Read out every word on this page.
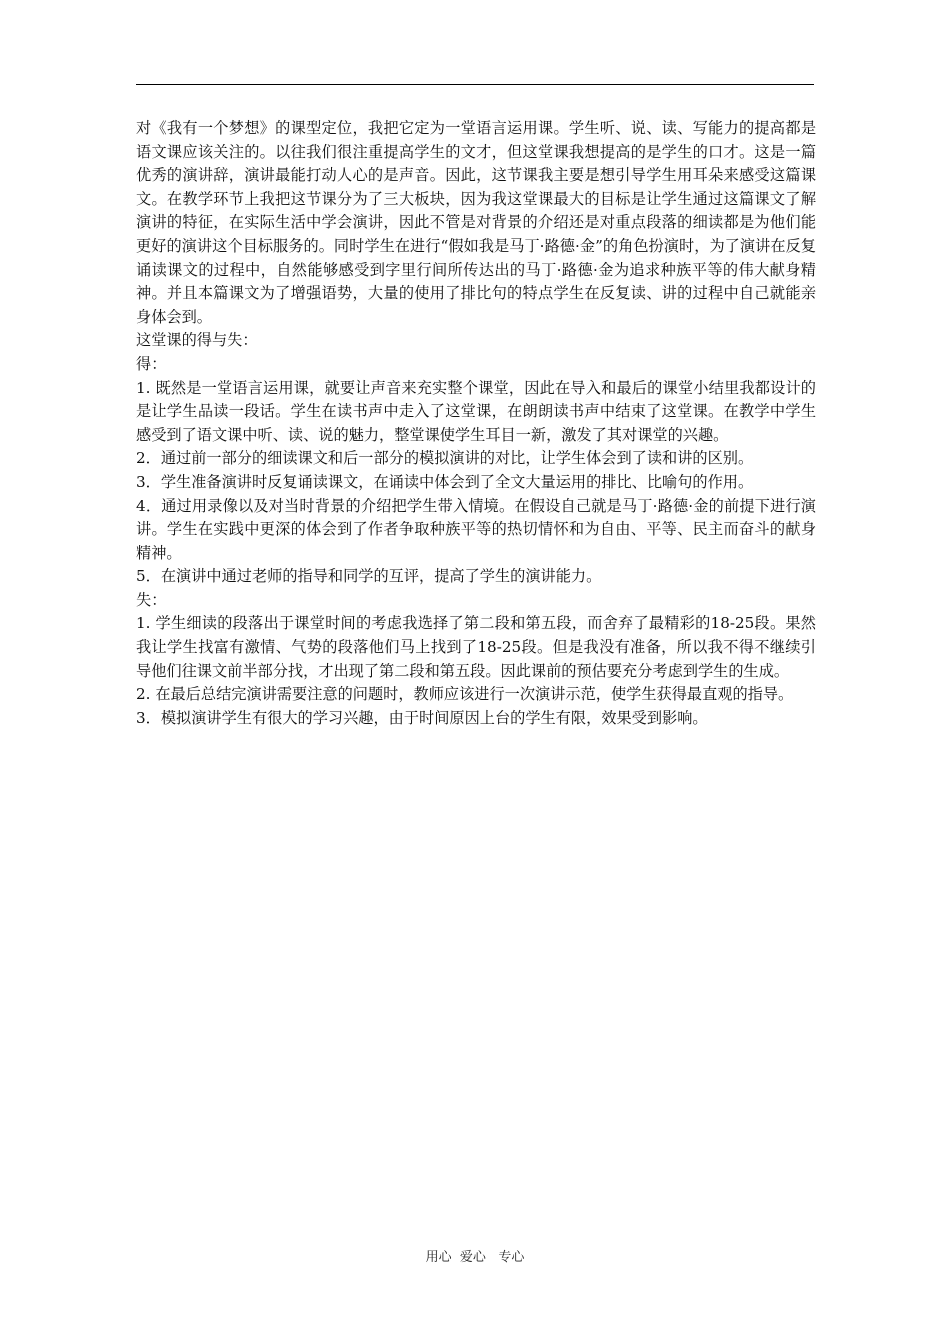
对《我有一个梦想》的课型定位，我把它定为一堂语言运用课。学生听、说、读、写能力的提高都是语文课应该关注的。以往我们很注重提高学生的文才，但这堂课我想提高的是学生的口才。这是一篇优秀的演讲辞，演讲最能打动人心的是声音。因此，这节课我主要是想引导学生用耳朵来感受这篇课文。在教学环节上我把这节课分为了三大板块，因为我这堂课最大的目标是让学生通过这篇课文了解演讲的特征，在实际生活中学会演讲，因此不管是对背景的介绍还是对重点段落的细读都是为他们能更好的演讲这个目标服务的。同时学生在进行“假如我是马丁·路德·金”的角色扮演时，为了演讲在反复诵读课文的过程中，自然能够感受到字里行间所传达出的马丁·路德·金为追求种族平等的伟大献身精神。并且本篇课文为了增强语势，大量的使用了排比句的特点学生在反复读、讲的过程中自己就能亲身体会到。

这堂课的得与失：

得：

1. 既然是一堂语言运用课，就要让声音来充实整个课堂，因此在导入和最后的课堂小结里我都设计的是让学生品读一段话。学生在读书声中走入了这堂课，在朗朗读书声中结束了这堂课。在教学中学生感受到了语文课中听、读、说的魅力，整堂课使学生耳目一新，激发了其对课堂的兴趣。

2．通过前一部分的细读课文和后一部分的模拟演讲的对比，让学生体会到了读和讲的区别。

3．学生准备演讲时反复诵读课文，在诵读中体会到了全文大量运用的排比、比喻句的作用。

4．通过用录像以及对当时背景的介绍把学生带入情境。在假设自己就是马丁·路德·金的前提下进行演讲。学生在实践中更深的体会到了作者争取种族平等的热切情怀和为自由、平等、民主而奋斗的献身精神。

5．在演讲中通过老师的指导和同学的互评，提高了学生的演讲能力。

失：

1. 学生细读的段落出于课堂时间的考虑我选择了第二段和第五段，而舍弃了最精彩的18-25段。果然我让学生找富有激情、气势的段落他们马上找到了18-25段。但是我没有准备，所以我不得不继续引导他们往课文前半部分找，才出现了第二段和第五段。因此课前的预估要充分考虑到学生的生成。

2. 在最后总结完演讲需要注意的问题时，教师应该进行一次演讲示范，使学生获得最直观的指导。

3．模拟演讲学生有很大的学习兴趣，由于时间原因上台的学生有限，效果受到影响。

用心  爱心   专心
